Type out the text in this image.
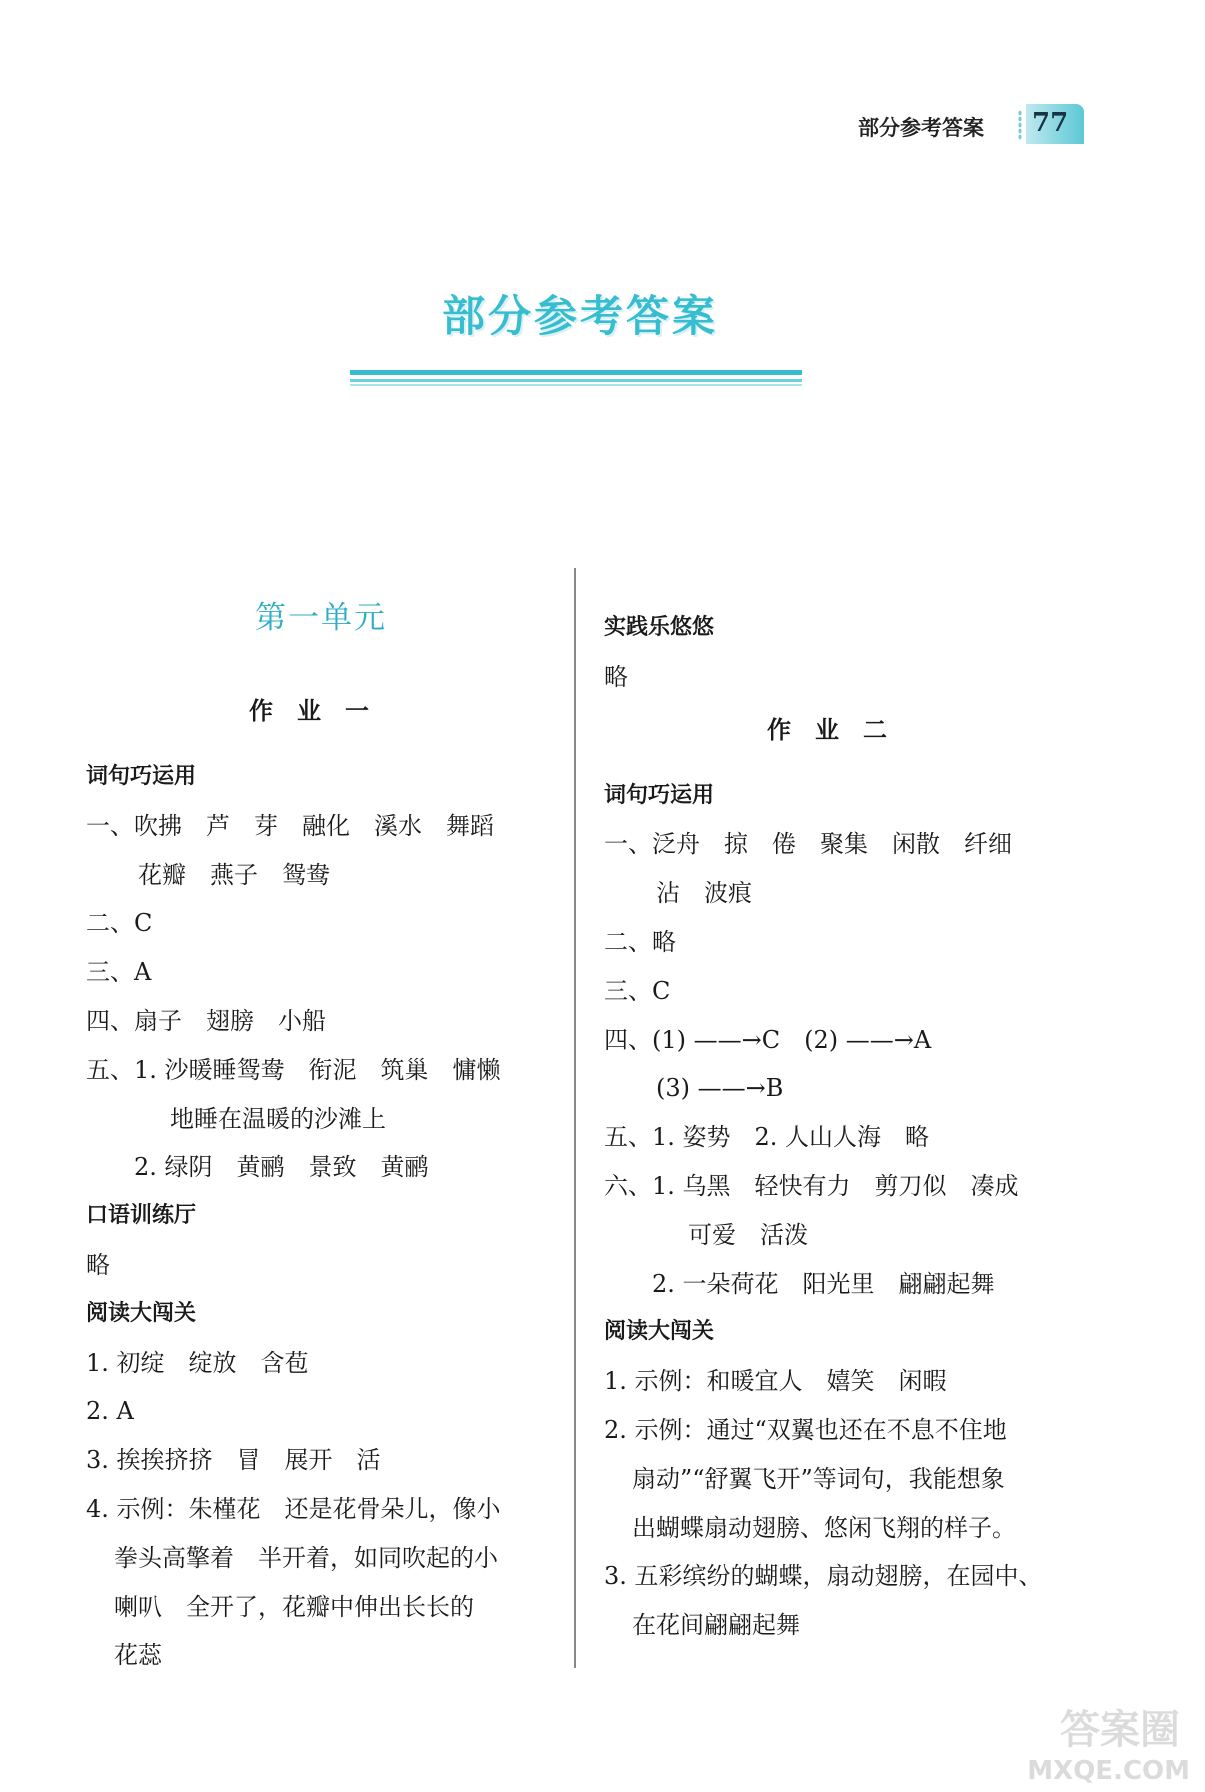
部分参考答案 77
部分参考答案
第一单元
作业一
词句巧运用
一、吹拂　芦　芽　融化　溪水　舞蹈
花瓣　燕子　鸳鸯
二、C
三、A
四、扇子　翅膀　小船
五、1. 沙暖睡鸳鸯　衔泥　筑巢　慵懒
地睡在温暖的沙滩上
2. 绿阴　黄鹂　景致　黄鹂
口语训练厅
略
阅读大闯关
1. 初绽　绽放　含苞
2. A
3. 挨挨挤挤　冒　展开　活
4. 示例：朱槿花　还是花骨朵儿，像小
拳头高擎着　半开着，如同吹起的小
喇叭　全开了，花瓣中伸出长长的
花蕊
实践乐悠悠
略
作业二
词句巧运用
一、泛舟　掠　倦　聚集　闲散　纤细
沾　波痕
二、略
三、C
四、(1) ——→C　(2) ——→A
(3) ——→B
五、1. 姿势　2. 人山人海　略
六、1. 乌黑　轻快有力　剪刀似　凑成
可爱　活泼
2. 一朵荷花　阳光里　翩翩起舞
阅读大闯关
1. 示例：和暖宜人　嬉笑　闲暇
2. 示例：通过“双翼也还在不息不住地
扇动”“舒翼飞开”等词句，我能想象
出蝴蝶扇动翅膀、悠闲飞翔的样子。
3. 五彩缤纷的蝴蝶，扇动翅膀，在园中、
在花间翩翩起舞
答案圈
MXQE.COM
